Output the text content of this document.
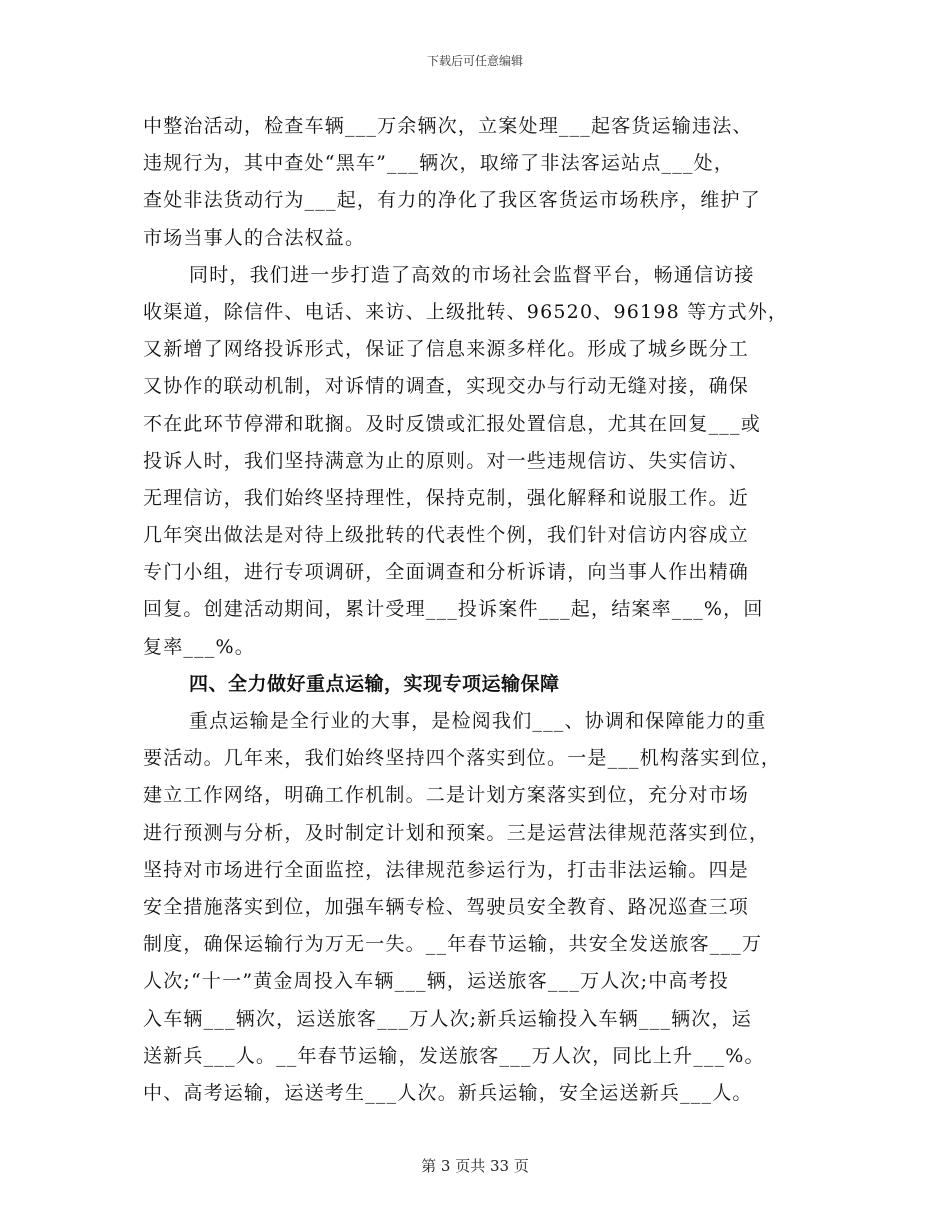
下载后可任意编辑
中整治活动，检查车辆___万余辆次，立案处理___起客货运输违法、
违规行为，其中查处“黑车”___辆次，取缔了非法客运站点___处，
查处非法货动行为___起，有力的净化了我区客货运市场秩序，维护了
市场当事人的合法权益。
同时，我们进一步打造了高效的市场社会监督平台，畅通信访接
收渠道，除信件、电话、来访、上级批转、96520、96198 等方式外，
又新增了网络投诉形式，保证了信息来源多样化。形成了城乡既分工
又协作的联动机制，对诉情的调查，实现交办与行动无缝对接，确保
不在此环节停滞和耽搁。及时反馈或汇报处置信息，尤其在回复___或
投诉人时，我们坚持满意为止的原则。对一些违规信访、失实信访、
无理信访，我们始终坚持理性，保持克制，强化解释和说服工作。近
几年突出做法是对待上级批转的代表性个例，我们针对信访内容成立
专门小组，进行专项调研，全面调查和分析诉请，向当事人作出精确
回复。创建活动期间，累计受理___投诉案件___起，结案率___%，回
复率___%。
四、全力做好重点运输，实现专项运输保障
重点运输是全行业的大事，是检阅我们___、协调和保障能力的重
要活动。几年来，我们始终坚持四个落实到位。一是___机构落实到位，
建立工作网络，明确工作机制。二是计划方案落实到位，充分对市场
进行预测与分析，及时制定计划和预案。三是运营法律规范落实到位，
坚持对市场进行全面监控，法律规范参运行为，打击非法运输。四是
安全措施落实到位，加强车辆专检、驾驶员安全教育、路况巡查三项
制度，确保运输行为万无一失。__年春节运输，共安全发送旅客___万
人次;“十一”黄金周投入车辆___辆，运送旅客___万人次;中高考投
入车辆___辆次，运送旅客___万人次;新兵运输投入车辆___辆次，运
送新兵___人。__年春节运输，发送旅客___万人次，同比上升___%。
中、高考运输，运送考生___人次。新兵运输，安全运送新兵___人。
第 3 页共 33 页
